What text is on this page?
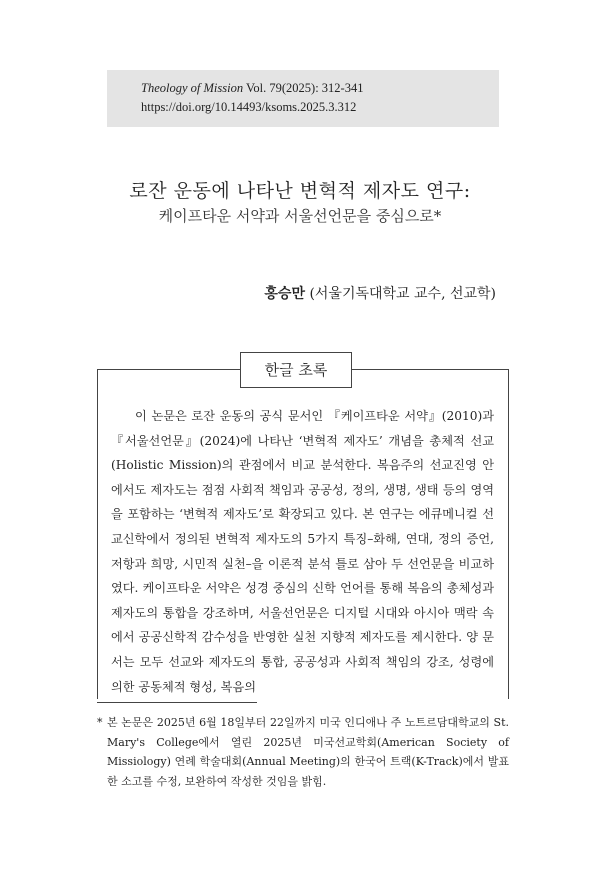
Theology of Mission Vol. 79(2025): 312-341
https://doi.org/10.14493/ksoms.2025.3.312
로잔 운동에 나타난 변혁적 제자도 연구:
케이프타운 서약과 서울선언문을 중심으로*
홍승만 (서울기독대학교 교수, 선교학)
한글 초록

이 논문은 로잔 운동의 공식 문서인 『케이프타운 서약』(2010)과 『서울선언문』(2024)에 나타난 ‘변혁적 제자도’ 개념을 총체적 선교(Holistic Mission)의 관점에서 비교 분석한다. 복음주의 선교진영 안에서도 제자도는 점점 사회적 책임과 공공성, 정의, 생명, 생태 등의 영역을 포함하는 ‘변혁적 제자도’로 확장되고 있다. 본 연구는 에큐메니컬 선교신학에서 정의된 변혁적 제자도의 5가지 특징–화해, 연대, 정의 증언, 저항과 희망, 시민적 실천–을 이론적 분석 틀로 삼아 두 선언문을 비교하였다. 케이프타운 서약은 성경 중심의 신학 언어를 통해 복음의 총체성과 제자도의 통합을 강조하며, 서울선언문은 디지털 시대와 아시아 맥락 속에서 공공신학적 감수성을 반영한 실천 지향적 제자도를 제시한다. 양 문서는 모두 선교와 제자도의 통합, 공공성과 사회적 책임의 강조, 성령에 의한 공동체적 형성, 복음의

* 본 논문은 2025년 6월 18일부터 22일까지 미국 인디애나 주 노트르담대학교의 St. Mary's College에서 열린 2025년 미국선교학회(American Society of Missiology) 연례 학술대회(Annual Meeting)의 한국어 트랙(K-Track)에서 발표한 소고를 수정, 보완하여 작성한 것임을 밝힘.
